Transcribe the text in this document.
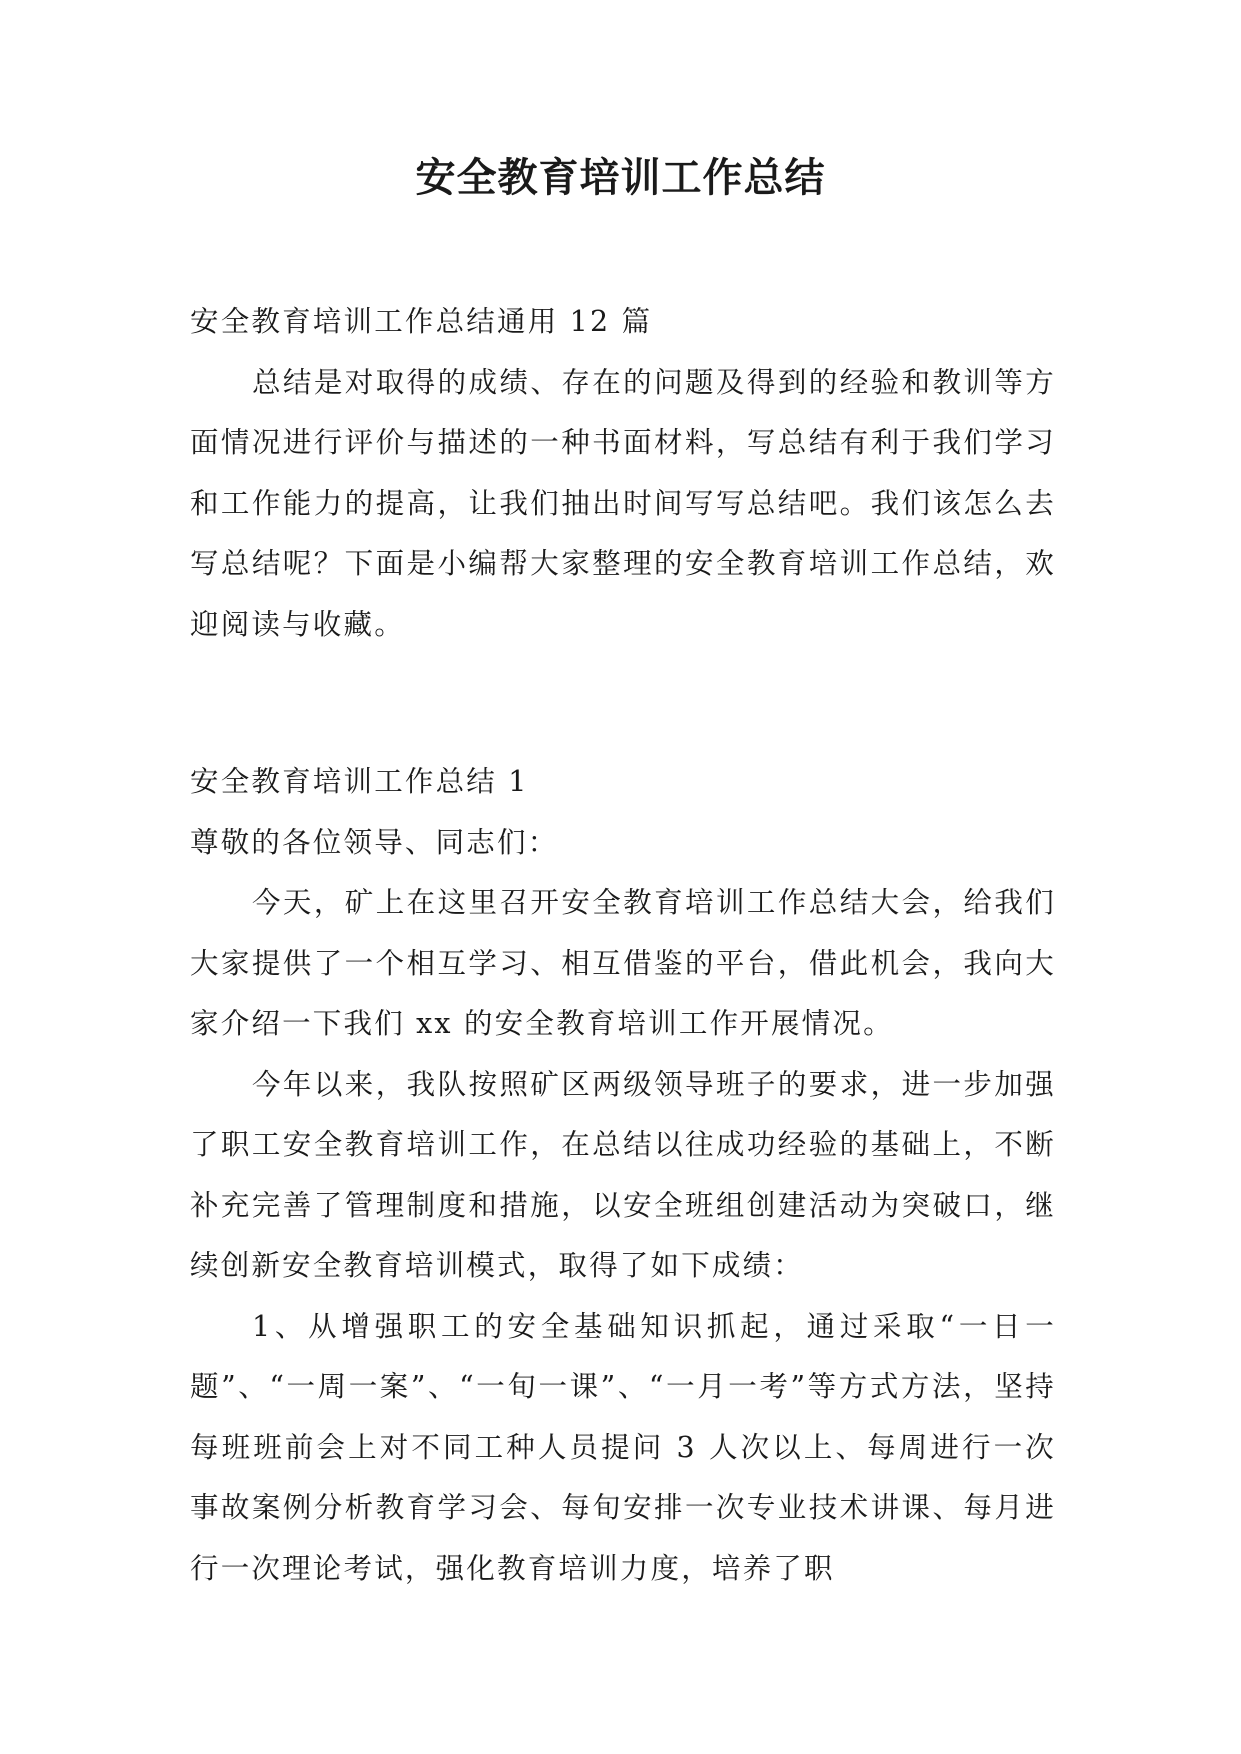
安全教育培训工作总结

安全教育培训工作总结通用 12 篇

总结是对取得的成绩、存在的问题及得到的经验和教训等方面情况进行评价与描述的一种书面材料，写总结有利于我们学习和工作能力的提高，让我们抽出时间写写总结吧。我们该怎么去写总结呢？下面是小编帮大家整理的安全教育培训工作总结，欢迎阅读与收藏。

安全教育培训工作总结 1

尊敬的各位领导、同志们：

今天，矿上在这里召开安全教育培训工作总结大会，给我们大家提供了一个相互学习、相互借鉴的平台，借此机会，我向大家介绍一下我们 xx 的安全教育培训工作开展情况。

今年以来，我队按照矿区两级领导班子的要求，进一步加强了职工安全教育培训工作，在总结以往成功经验的基础上，不断补充完善了管理制度和措施，以安全班组创建活动为突破口，继续创新安全教育培训模式，取得了如下成绩：

1、从增强职工的安全基础知识抓起，通过采取“一日一题”、“一周一案”、“一旬一课”、“一月一考”等方式方法，坚持每班班前会上对不同工种人员提问 3 人次以上、每周进行一次事故案例分析教育学习会、每旬安排一次专业技术讲课、每月进行一次理论考试，强化教育培训力度，培养了职
